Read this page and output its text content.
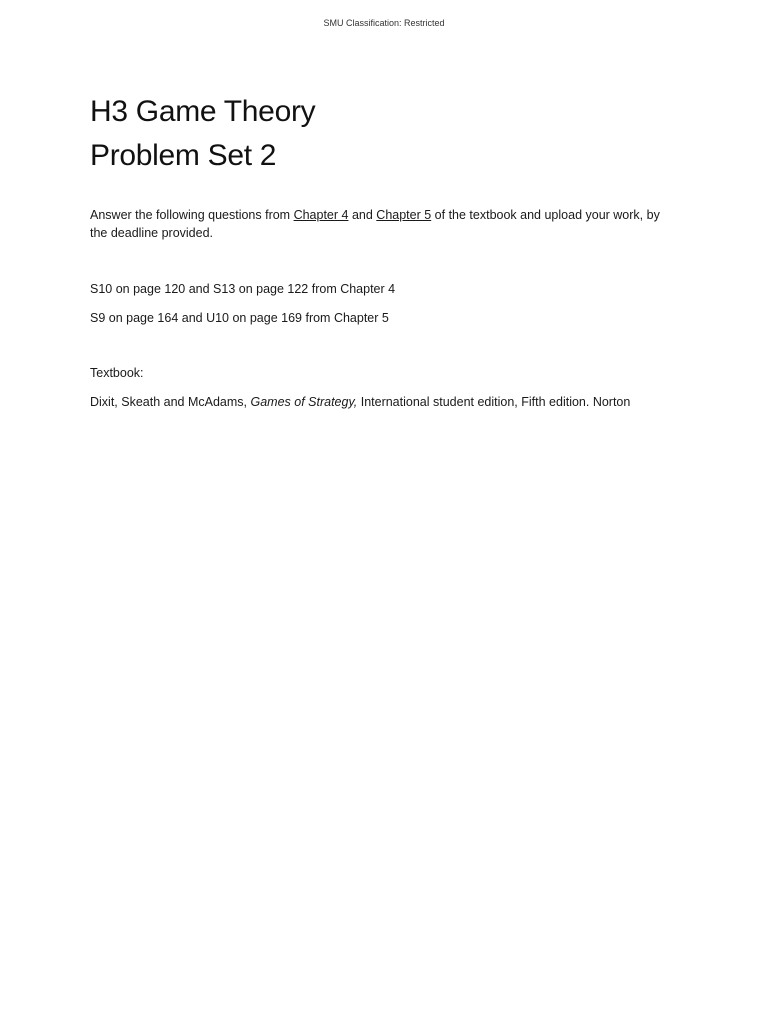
SMU Classification: Restricted
H3 Game Theory
Problem Set 2

Answer the following questions from Chapter 4 and Chapter 5 of the textbook and upload your work, by the deadline provided.

S10 on page 120 and S13 on page 122 from Chapter 4

S9 on page 164 and U10 on page 169 from Chapter 5

Textbook:

Dixit, Skeath and McAdams, Games of Strategy, International student edition, Fifth edition. Norton
